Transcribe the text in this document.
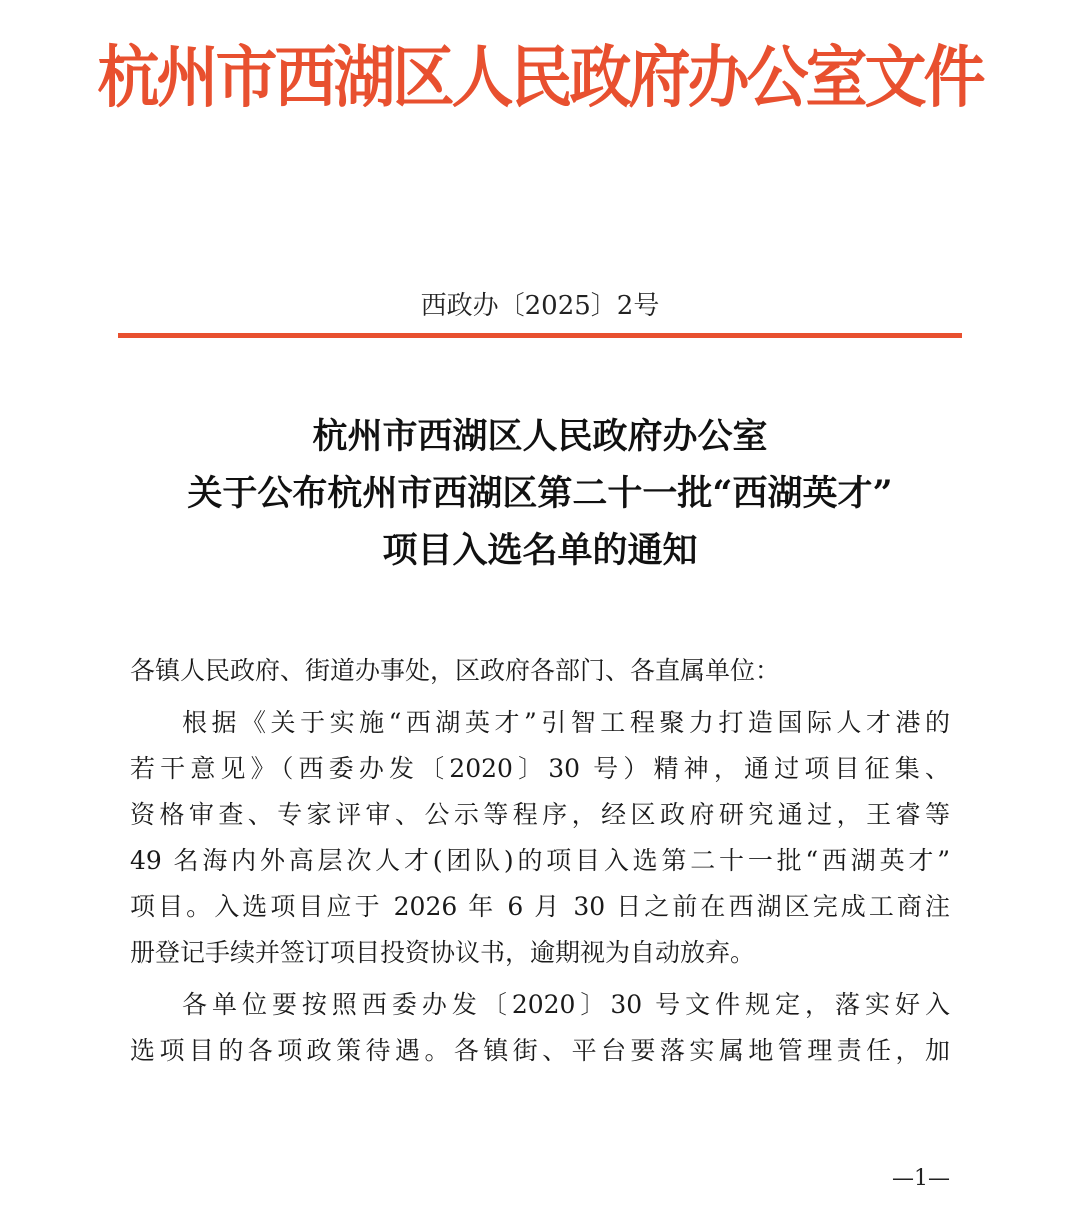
杭州市西湖区人民政府办公室文件
西政办〔2025〕2号
杭州市西湖区人民政府办公室
关于公布杭州市西湖区第二十一批“西湖英才”
项目入选名单的通知
各镇人民政府、街道办事处，区政府各部门、各直属单位：
根据《关于实施“西湖英才”引智工程聚力打造国际人才港的
若干意见》（西委办发〔2020〕30 号）精神，通过项目征集、
资格审查、专家评审、公示等程序，经区政府研究通过，王睿等
49 名海内外高层次人才(团队)的项目入选第二十一批“西湖英才”
项目。入选项目应于 2026 年 6 月 30 日之前在西湖区完成工商注
册登记手续并签订项目投资协议书，逾期视为自动放弃。
各单位要按照西委办发〔2020〕30 号文件规定，落实好入
选项目的各项政策待遇。各镇街、平台要落实属地管理责任，加
—1—
